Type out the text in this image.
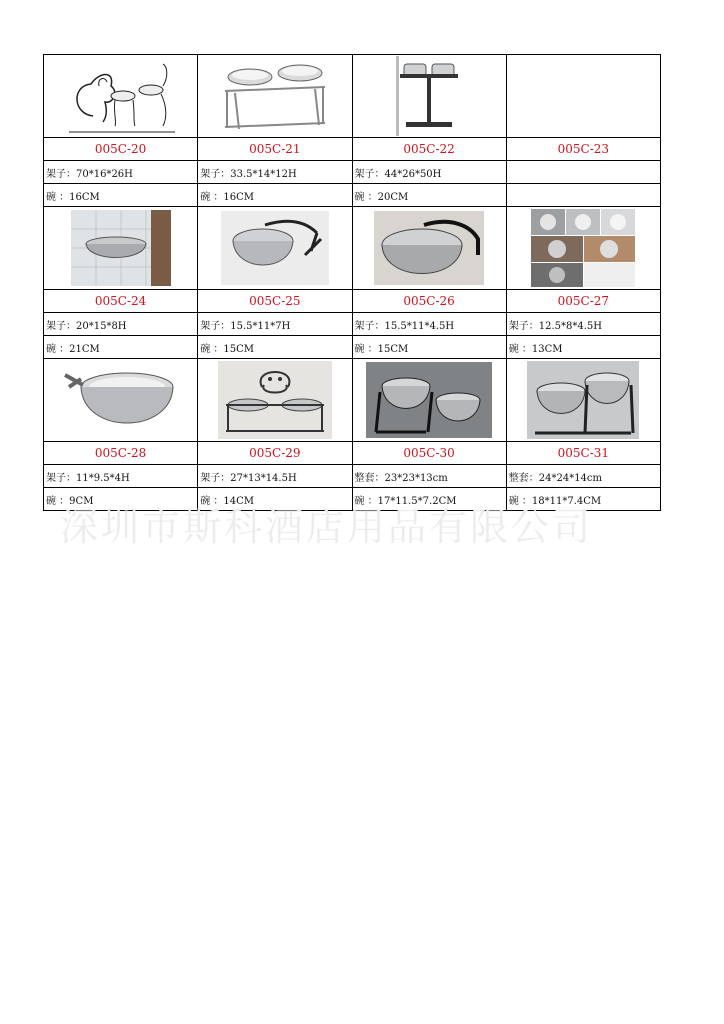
005C-20	005C-21	005C-22	005C-23
架子：70*16*26H	架子：33.5*14*12H	架子：44*26*50H	
碗 ：16CM	碗 ：16CM	碗 ：20CM	

005C-24	005C-25	005C-26	005C-27
架子：20*15*8H	架子：15.5*11*7H	架子：15.5*11*4.5H	架子：12.5*8*4.5H
碗 ：21CM	碗 ：15CM	碗 ：15CM	碗 ：13CM

005C-28	005C-29	005C-30	005C-31
架子：11*9.5*4H	架子：27*13*14.5H	整套：23*23*13cm	整套：24*24*14cm
碗 ：9CM	碗 ：14CM	碗 ：17*11.5*7.2CM	碗 ：18*11*7.4CM
深圳市斯科酒店用品有限公司
